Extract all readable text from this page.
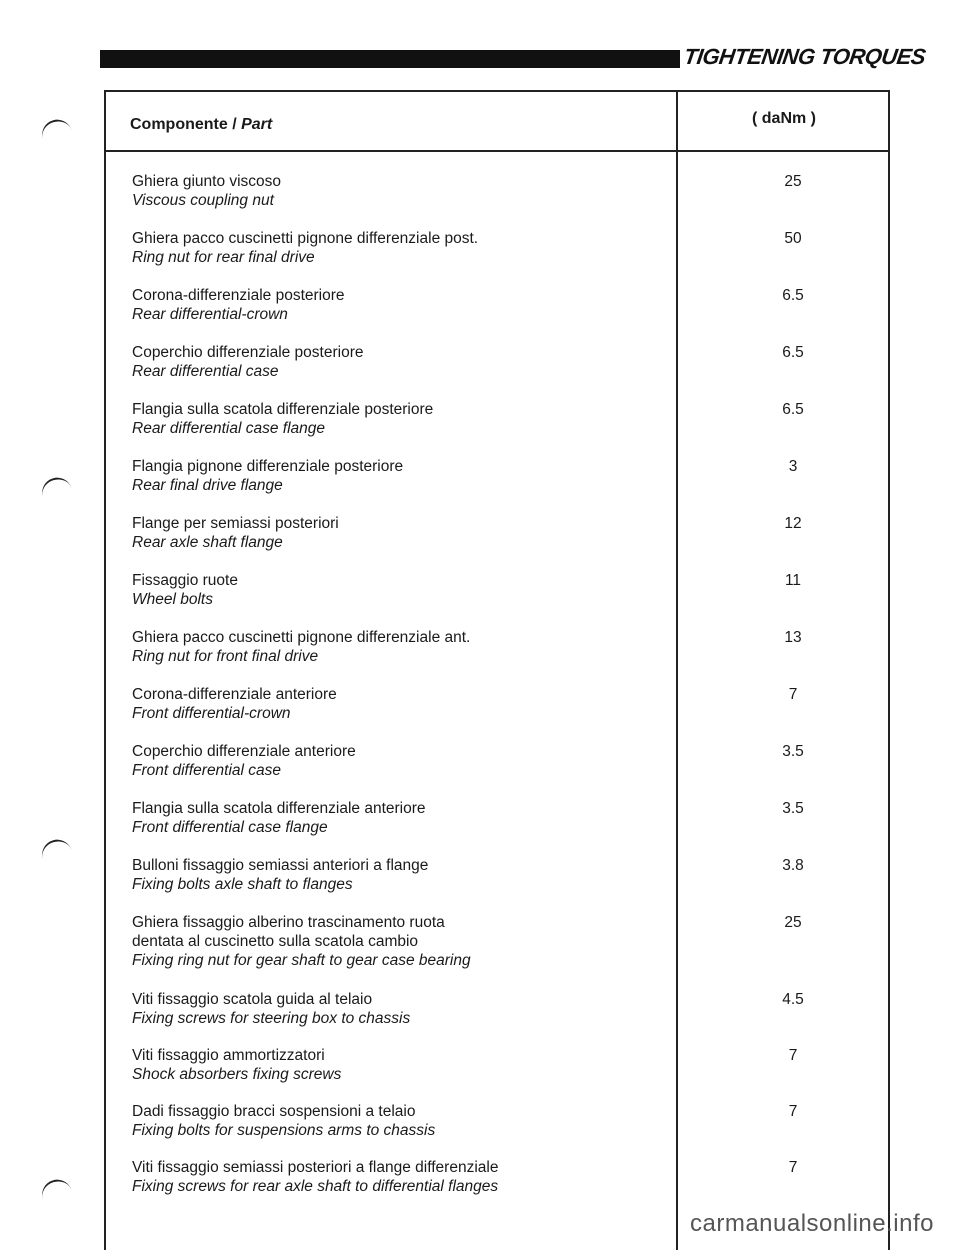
TIGHTENING TORQUES
Componente / Part	( daNm )
Ghiera giunto viscoso
Viscous coupling nut
25
Ghiera pacco cuscinetti pignone differenziale post.
Ring nut for rear final drive
50
Corona-differenziale posteriore
Rear differential-crown
6.5
Coperchio differenziale posteriore
Rear differential case
6.5
Flangia sulla scatola differenziale posteriore
Rear differential case flange
6.5
Flangia pignone differenziale posteriore
Rear final drive flange
3
Flange per semiassi posteriori
Rear axle shaft flange
12
Fissaggio ruote
Wheel bolts
11
Ghiera pacco cuscinetti pignone differenziale ant.
Ring nut for front final drive
13
Corona-differenziale anteriore
Front differential-crown
7
Coperchio differenziale anteriore
Front differential case
3.5
Flangia sulla scatola differenziale anteriore
Front differential case flange
3.5
Bulloni fissaggio semiassi anteriori a flange
Fixing bolts axle shaft to flanges
3.8
Ghiera fissaggio alberino trascinamento ruota
dentata al cuscinetto sulla scatola cambio
Fixing ring nut for gear shaft to gear case bearing
25
Viti fissaggio scatola guida al telaio
Fixing screws for steering box to chassis
4.5
Viti fissaggio ammortizzatori
Shock absorbers fixing screws
7
Dadi fissaggio bracci sospensioni a telaio
Fixing bolts for suspensions arms to chassis
7
Viti fissaggio semiassi posteriori a flange differenziale
Fixing screws for rear axle shaft to differential flanges
7
carmanualsonline.info
